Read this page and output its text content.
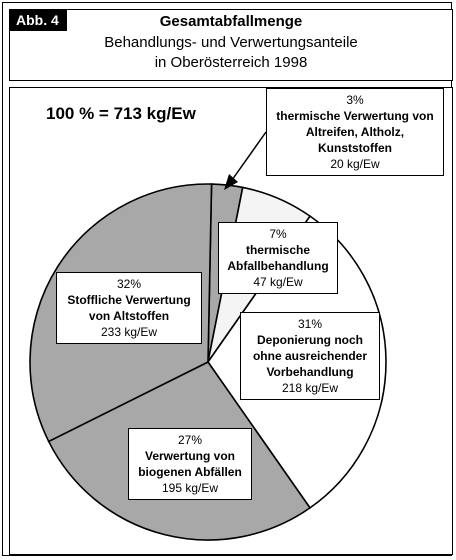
Abb. 4	Gesamtabfallmenge
Behandlungs- und Verwertungsanteile
in Oberösterreich 1998
100 % = 713 kg/Ew
3%
thermische Verwertung von Altreifen, Altholz, Kunststoffen
20 kg/Ew
7%
thermische Abfallbehandlung
47 kg/Ew
31%
Deponierung noch ohne ausreichender Vorbehandlung
218 kg/Ew
27%
Verwertung von biogenen Abfällen
195 kg/Ew
32%
Stoffliche Verwertung von Altstoffen
233 kg/Ew
